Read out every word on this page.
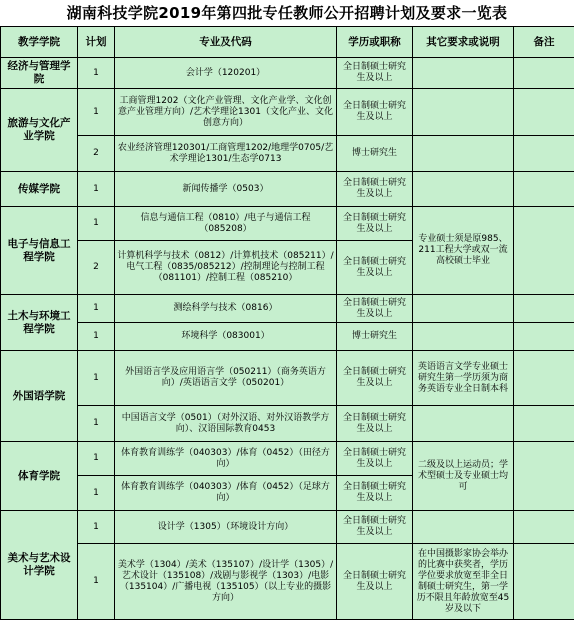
湖南科技学院2019年第四批专任教师公开招聘计划及要求一览表
教学学院	计划	专业及代码	学历或职称	其它要求或说明	备注
经济与管理学院	1	会计学（120201）	全日制硕士研究生及以上		
旅游与文化产业学院	1	工商管理1202（文化产业管理、文化产业学、文化创意产业管理方向）/艺术学理论1301（文化产业、文化创意方向）	全日制硕士研究生及以上		
	2	农业经济管理120301/工商管理1202/地理学0705/艺术学理论1301/生态学0713	博士研究生		
传媒学院	1	新闻传播学（0503）	全日制硕士研究生及以上		
电子与信息工程学院	1	信息与通信工程（0810）/电子与通信工程（085208）	全日制硕士研究生及以上	专业硕士须是原985、211工程大学或双一流高校硕士毕业	
	2	计算机科学与技术（0812）/计算机技术（085211）/电气工程（0835/085212）/控制理论与控制工程（081101）/控制工程（085210）	全日制硕士研究生及以上		
土木与环境工程学院	1	测绘科学与技术（0816）	全日制硕士研究生及以上		
	1	环境科学（083001）	博士研究生		
外国语学院	1	外国语言学及应用语言学（050211）（商务英语方向）/英语语言文学（050201）	全日制硕士研究生及以上	英语语言文学专业硕士研究生第一学历须为商务英语专业全日制本科	
	1	中国语言文学（0501）（对外汉语、对外汉语教学方向）、汉语国际教育0453	全日制硕士研究生及以上		
体育学院	1	体育教育训练学（040303）/体育（0452）（田径方向）	全日制硕士研究生及以上	二级及以上运动员；学术型硕士及专业硕士均可	
	1	体育教育训练学（040303）/体育（0452）（足球方向）	全日制硕士研究生及以上		
美术与艺术设计学院	1	设计学（1305）（环境设计方向）	全日制硕士研究生及以上		
	1	美术学（1304）/美术（135107）/设计学（1305）/艺术设计（135108）/戏剧与影视学（1303）/电影（135104）/广播电视（135105）（以上专业的摄影方向）	全日制硕士研究生及以上	在中国摄影家协会举办的比赛中获奖者，学历学位要求放宽至非全日制硕士研究生，第一学历不限且年龄放宽至45岁及以下	
